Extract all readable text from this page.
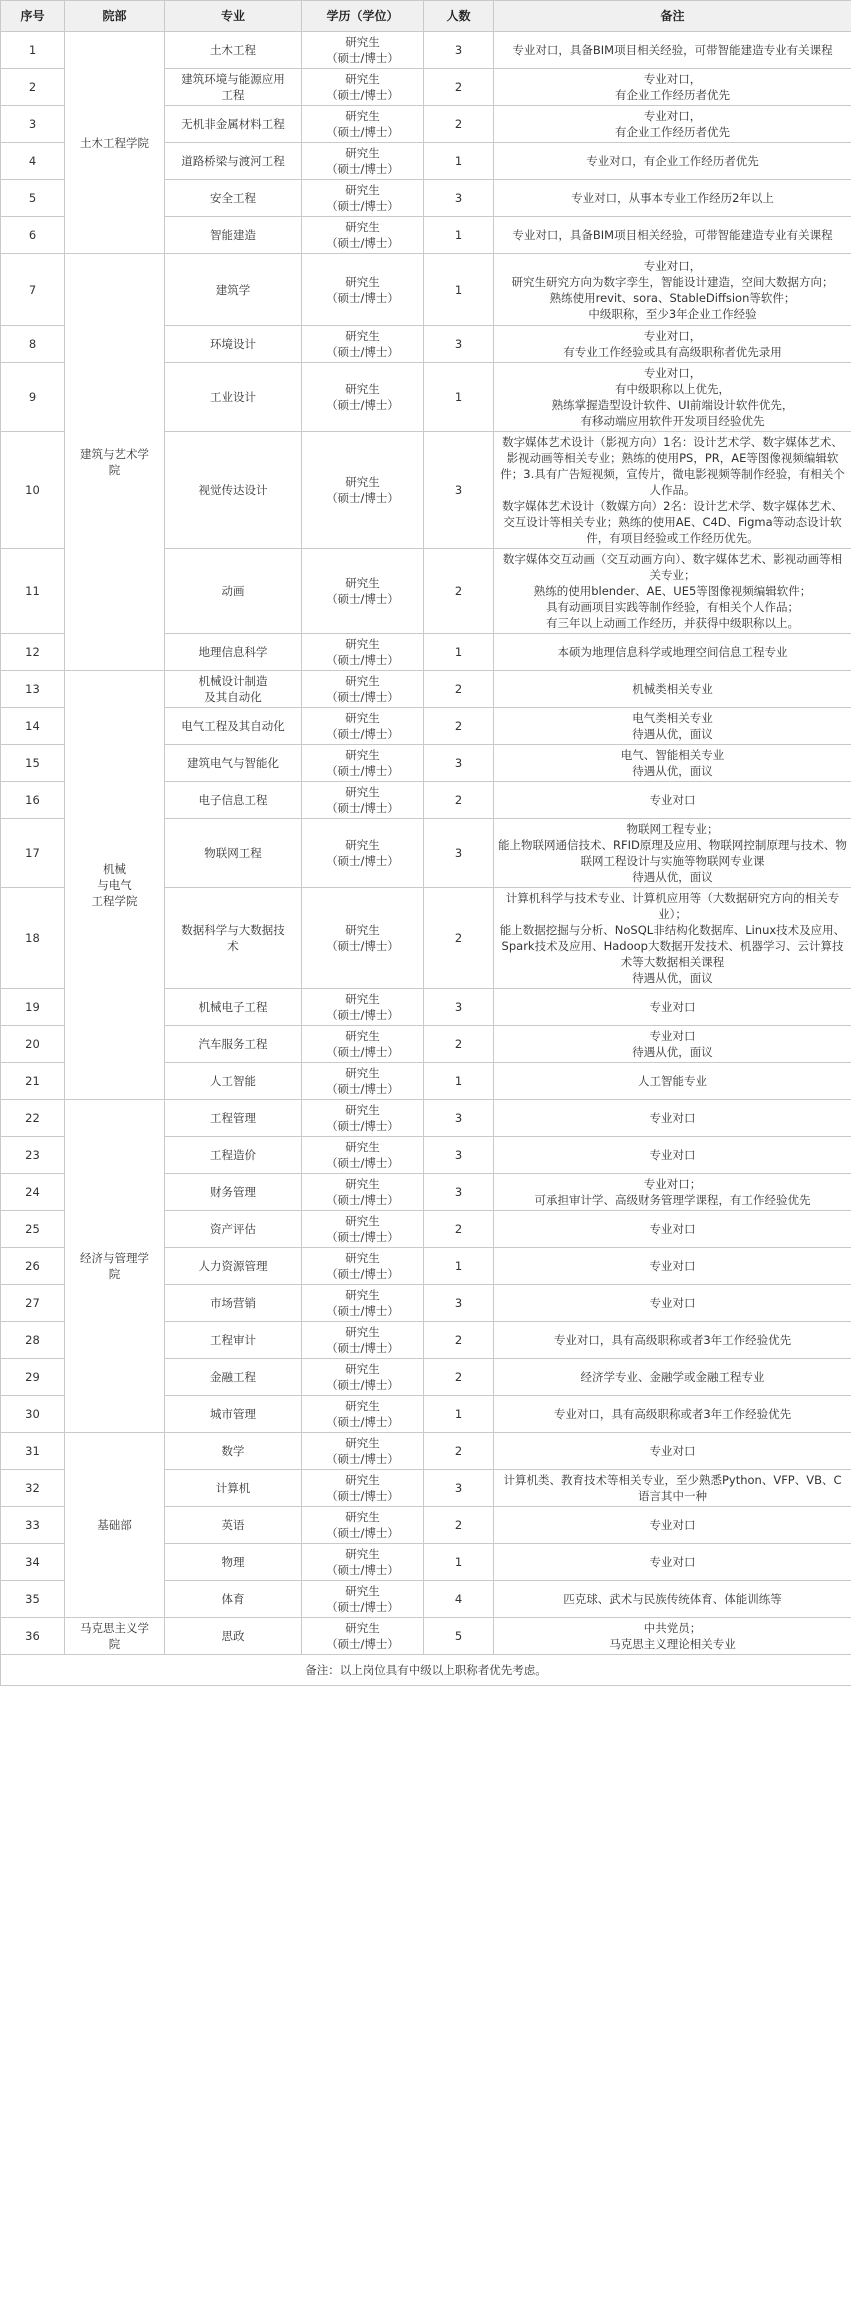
序号	院部	专业	学历（学位）	人数	备注
1	土木工程学院	土木工程	研究生
（硕士/博士）	3	专业对口，具备BIM项目相关经验，可带智能建造专业有关课程

2		建筑环境与能源应用
工程	研究生
（硕士/博士）	2	专业对口，
有企业工作经历者优先

3		无机非金属材料工程	研究生
（硕士/博士）	2	专业对口，
有企业工作经历者优先

4		道路桥梁与渡河工程	研究生
（硕士/博士）	1	专业对口，有企业工作经历者优先

5		安全工程	研究生
（硕士/博士）	3	专业对口，从事本专业工作经历2年以上

6		智能建造	研究生
（硕士/博士）	1	专业对口，具备BIM项目相关经验，可带智能建造专业有关课程

7	建筑与艺术学
院	建筑学	研究生
（硕士/博士）	1	专业对口，
研究生研究方向为数字孪生，智能设计建造，空间大数据方向；
熟练使用revit、sora、StableDiffsion等软件；
中级职称，至少3年企业工作经验

8		环境设计	研究生
（硕士/博士）	3	专业对口，
有专业工作经验或具有高级职称者优先录用

9		工业设计	研究生
（硕士/博士）	1	专业对口，
有中级职称以上优先，
熟练掌握造型设计软件、UI前端设计软件优先，
有移动端应用软件开发项目经验优先

10		视觉传达设计	研究生
（硕士/博士）	3	数字媒体艺术设计（影视方向）1名：设计艺术学、数字媒体艺术、影视动画等相关专业；熟练的使用PS，PR，AE等图像视频编辑软件；3.具有广告短视频，宣传片，微电影视频等制作经验，有相关个人作品。
数字媒体艺术设计（数媒方向）2名：设计艺术学、数字媒体艺术、交互设计等相关专业；熟练的使用AE、C4D、Figma等动态设计软件，有项目经验或工作经历优先。

11		动画	研究生
（硕士/博士）	2	数字媒体交互动画（交互动画方向）、数字媒体艺术、影视动画等相关专业；
熟练的使用blender、AE、UE5等图像视频编辑软件；
具有动画项目实践等制作经验，有相关个人作品；
有三年以上动画工作经历，并获得中级职称以上。

12		地理信息科学	研究生
（硕士/博士）	1	本硕为地理信息科学或地理空间信息工程专业

13	机械
与电气
工程学院	机械设计制造
及其自动化	研究生
（硕士/博士）	2	机械类相关专业

14		电气工程及其自动化	研究生
（硕士/博士）	2	电气类相关专业
待遇从优，面议

15		建筑电气与智能化	研究生
（硕士/博士）	3	电气、智能相关专业
待遇从优，面议

16		电子信息工程	研究生
（硕士/博士）	2	专业对口

17		物联网工程	研究生
（硕士/博士）	3	物联网工程专业；
能上物联网通信技术、RFID原理及应用、物联网控制原理与技术、物联网工程设计与实施等物联网专业课
待遇从优，面议

18		数据科学与大数据技
术	研究生
（硕士/博士）	2	计算机科学与技术专业、计算机应用等（大数据研究方向的相关专业）；
能上数据挖掘与分析、NoSQL非结构化数据库、Linux技术及应用、Spark技术及应用、Hadoop大数据开发技术、机器学习、云计算技术等大数据相关课程
待遇从优，面议

19		机械电子工程	研究生
（硕士/博士）	3	专业对口

20		汽车服务工程	研究生
（硕士/博士）	2	专业对口
待遇从优，面议

21		人工智能	研究生
（硕士/博士）	1	人工智能专业

22	经济与管理学
院	工程管理	研究生
（硕士/博士）	3	专业对口

23		工程造价	研究生
（硕士/博士）	3	专业对口

24		财务管理	研究生
（硕士/博士）	3	专业对口；
可承担审计学、高级财务管理学课程，有工作经验优先

25		资产评估	研究生
（硕士/博士）	2	专业对口

26		人力资源管理	研究生
（硕士/博士）	1	专业对口

27		市场营销	研究生
（硕士/博士）	3	专业对口

28		工程审计	研究生
（硕士/博士）	2	专业对口，具有高级职称或者3年工作经验优先

29		金融工程	研究生
（硕士/博士）	2	经济学专业、金融学或金融工程专业

30		城市管理	研究生
（硕士/博士）	1	专业对口，具有高级职称或者3年工作经验优先

31	基础部	数学	研究生
（硕士/博士）	2	专业对口

32		计算机	研究生
（硕士/博士）	3	计算机类、教育技术等相关专业，至少熟悉Python、VFP、VB、C语言其中一种

33		英语	研究生
（硕士/博士）	2	专业对口

34		物理	研究生
（硕士/博士）	1	专业对口

35		体育	研究生
（硕士/博士）	4	匹克球、武术与民族传统体育、体能训练等

36	马克思主义学
院	思政	研究生
（硕士/博士）	5	中共党员；
马克思主义理论相关专业

备注：以上岗位具有中级以上职称者优先考虑。					
